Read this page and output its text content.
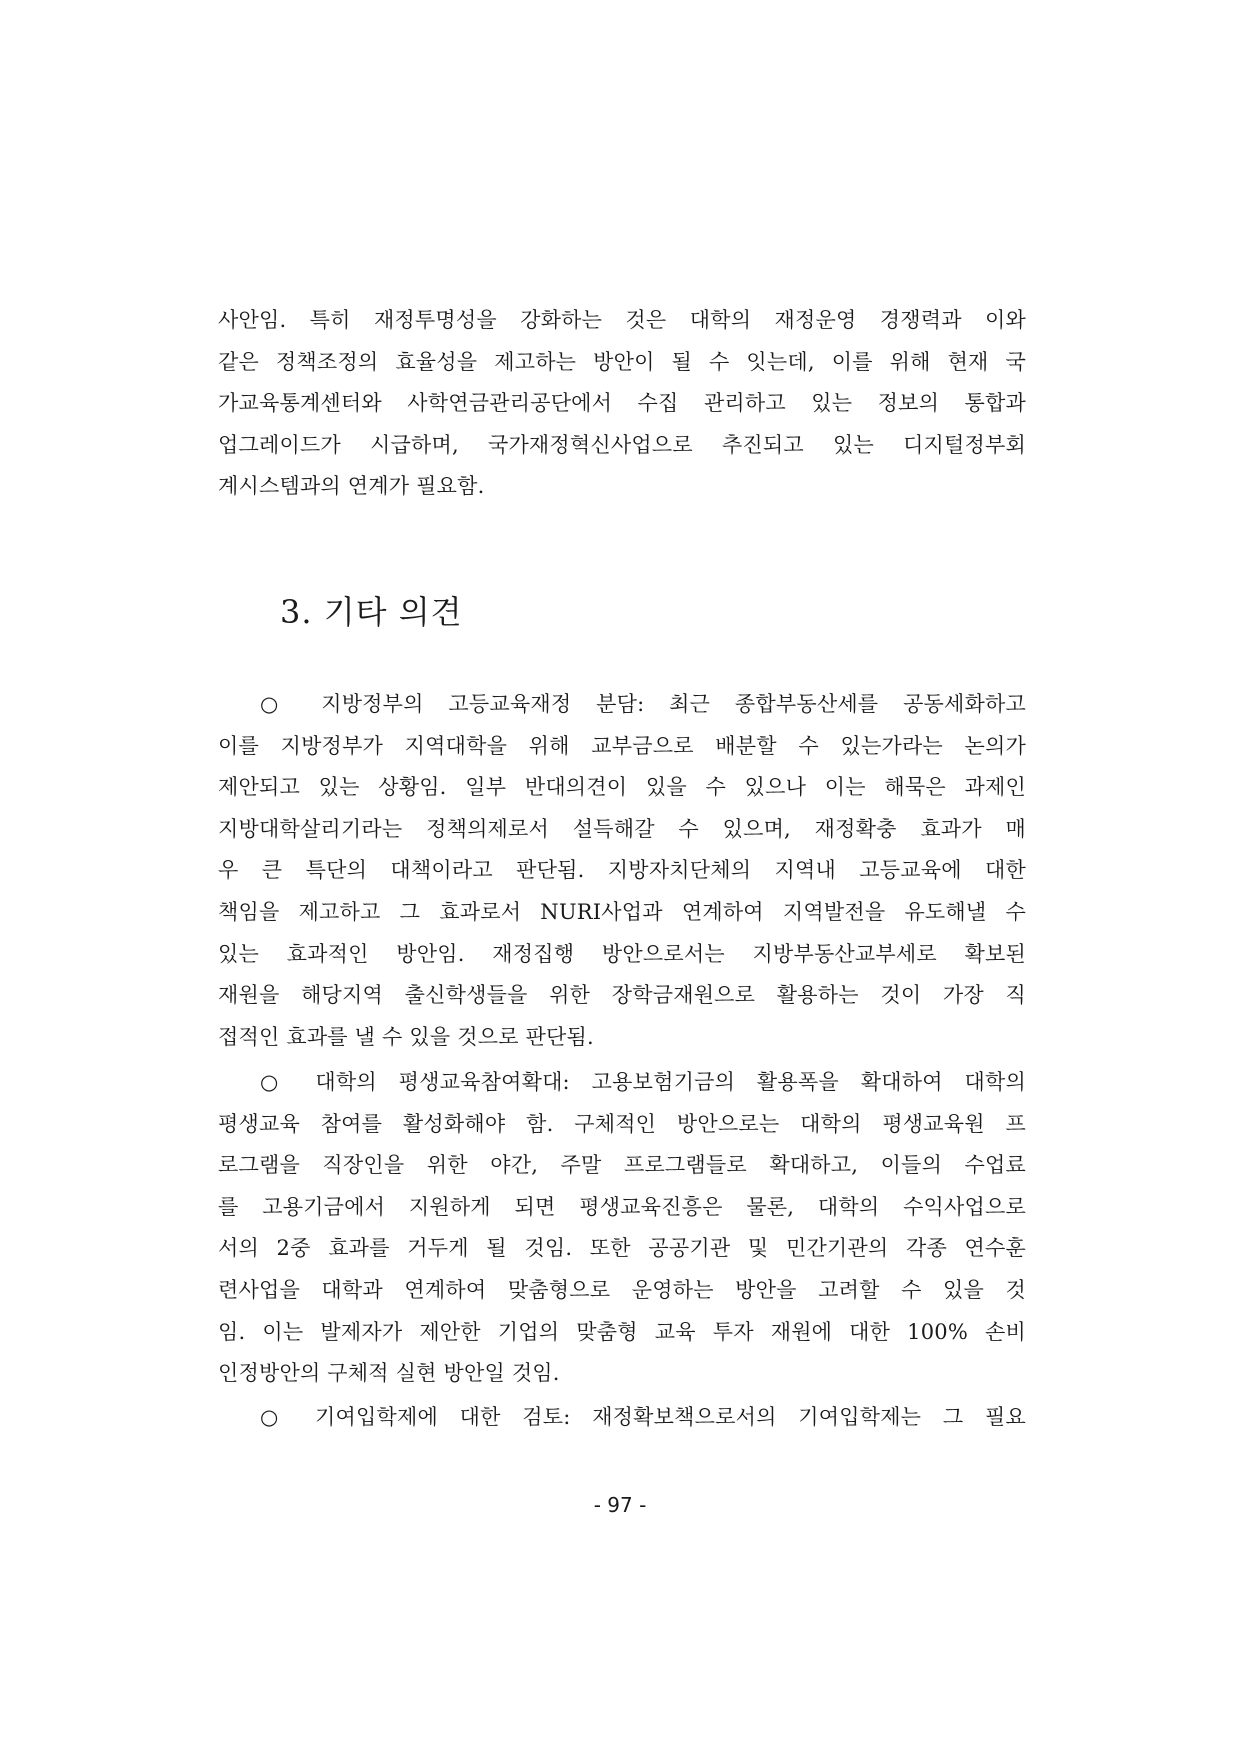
사안임. 특히 재정투명성을 강화하는 것은 대학의 재정운영 경쟁력과 이와
같은 정책조정의 효율성을 제고하는 방안이 될 수 잇는데, 이를 위해 현재 국
가교육통계센터와 사학연금관리공단에서 수집 관리하고 있는 정보의 통합과
업그레이드가 시급하며, 국가재정혁신사업으로 추진되고 있는 디지털정부회
계시스템과의 연계가 필요함.

3. 기타 의견

○ 지방정부의 고등교육재정 분담: 최근 종합부동산세를 공동세화하고
이를 지방정부가 지역대학을 위해 교부금으로 배분할 수 있는가라는 논의가
제안되고 있는 상황임. 일부 반대의견이 있을 수 있으나 이는 해묵은 과제인
지방대학살리기라는 정책의제로서 설득해갈 수 있으며, 재정확충 효과가 매
우 큰 특단의 대책이라고 판단됨. 지방자치단체의 지역내 고등교육에 대한
책임을 제고하고 그 효과로서 NURI사업과 연계하여 지역발전을 유도해낼 수
있는 효과적인 방안임. 재정집행 방안으로서는 지방부동산교부세로 확보된
재원을 해당지역 출신학생들을 위한 장학금재원으로 활용하는 것이 가장 직
접적인 효과를 낼 수 있을 것으로 판단됨.

○ 대학의 평생교육참여확대: 고용보험기금의 활용폭을 확대하여 대학의
평생교육 참여를 활성화해야 함. 구체적인 방안으로는 대학의 평생교육원 프
로그램을 직장인을 위한 야간, 주말 프로그램들로 확대하고, 이들의 수업료
를 고용기금에서 지원하게 되면 평생교육진흥은 물론, 대학의 수익사업으로
서의 2중 효과를 거두게 될 것임. 또한 공공기관 및 민간기관의 각종 연수훈
련사업을 대학과 연계하여 맞춤형으로 운영하는 방안을 고려할 수 있을 것
임. 이는 발제자가 제안한 기업의 맞춤형 교육 투자 재원에 대한 100% 손비
인정방안의 구체적 실현 방안일 것임.

○ 기여입학제에 대한 검토: 재정확보책으로서의 기여입학제는 그 필요

- 97 -
